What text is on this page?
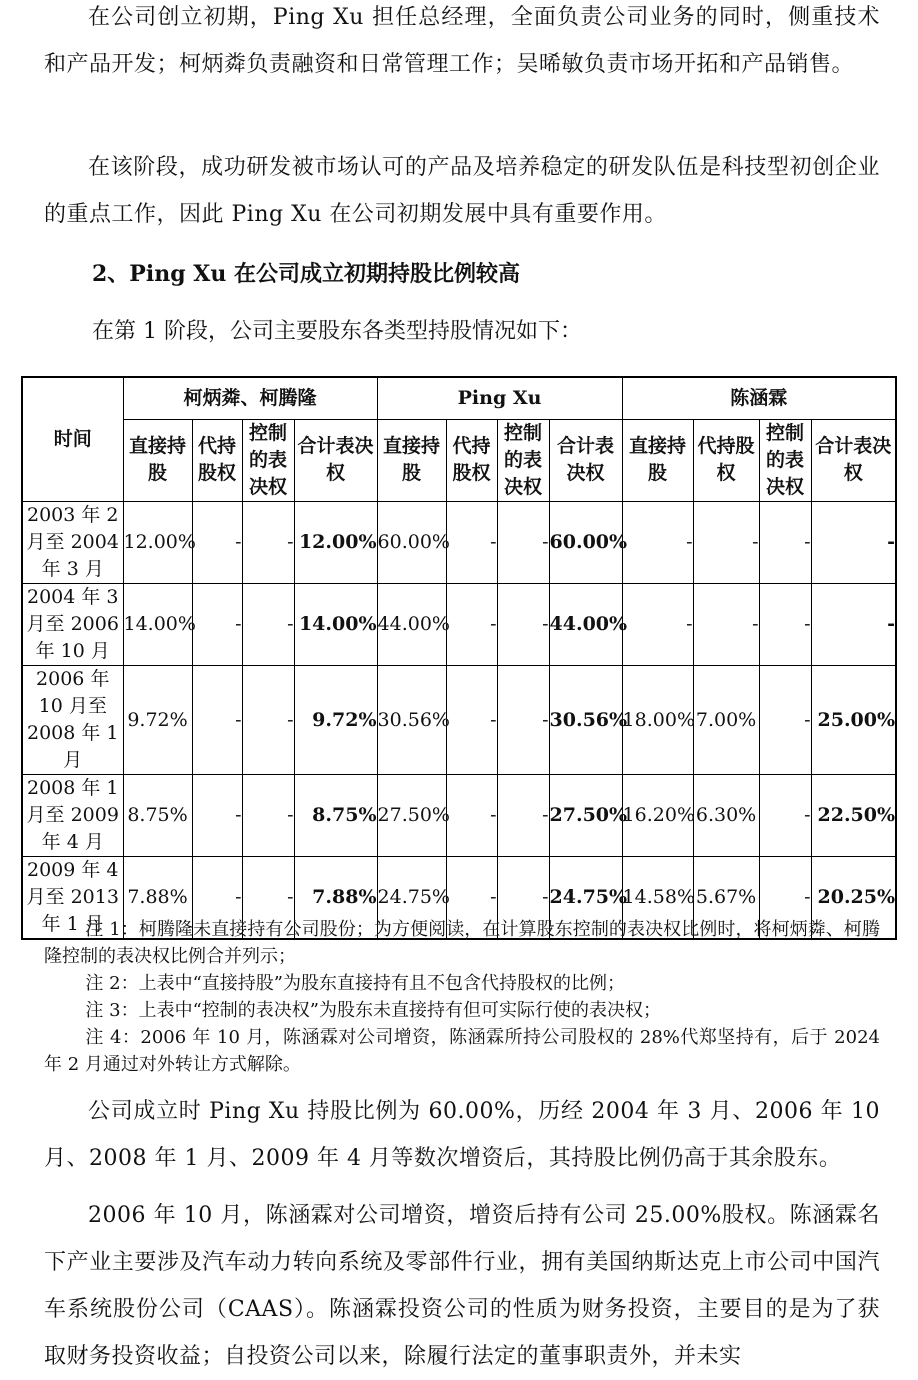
在公司创立初期，Ping Xu 担任总经理，全面负责公司业务的同时，侧重技术和产品开发；柯炳粦负责融资和日常管理工作；吴晞敏负责市场开拓和产品销售。

在该阶段，成功研发被市场认可的产品及培养稳定的研发队伍是科技型初创企业的重点工作，因此 Ping Xu 在公司初期发展中具有重要作用。

2、Ping Xu 在公司成立初期持股比例较高

在第 1 阶段，公司主要股东各类型持股情况如下：

时间	柯炳粦、柯腾隆				Ping Xu				陈涵霖			
	直接持股	代持股权	控制的表决权	合计表决权	直接持股	代持股权	控制的表决权	合计表决权	直接持股	代持股权	控制的表决权	合计表决权
2003 年 2 月至 2004 年 3 月	12.00%	-	-	12.00%	60.00%	-	-	60.00%	-	-	-	-
2004 年 3 月至 2006 年 10 月	14.00%	-	-	14.00%	44.00%	-	-	44.00%	-	-	-	-
2006 年 10 月至 2008 年 1 月	9.72%	-	-	9.72%	30.56%	-	-	30.56%	18.00%	7.00%	-	25.00%
2008 年 1 月至 2009 年 4 月	8.75%	-	-	8.75%	27.50%	-	-	27.50%	16.20%	6.30%	-	22.50%
2009 年 4 月至 2013 年 1 月	7.88%	-	-	7.88%	24.75%	-	-	24.75%	14.58%	5.67%	-	20.25%

注 1：柯腾隆未直接持有公司股份；为方便阅读，在计算股东控制的表决权比例时，将柯炳粦、柯腾隆控制的表决权比例合并列示；

注 2：上表中“直接持股”为股东直接持有且不包含代持股权的比例；

注 3：上表中“控制的表决权”为股东未直接持有但可实际行使的表决权；

注 4：2006 年 10 月，陈涵霖对公司增资，陈涵霖所持公司股权的 28%代郑坚持有，后于 2024 年 2 月通过对外转让方式解除。

公司成立时 Ping Xu 持股比例为 60.00%，历经 2004 年 3 月、2006 年 10 月、2008 年 1 月、2009 年 4 月等数次增资后，其持股比例仍高于其余股东。

2006 年 10 月，陈涵霖对公司增资，增资后持有公司 25.00%股权。陈涵霖名下产业主要涉及汽车动力转向系统及零部件行业，拥有美国纳斯达克上市公司中国汽车系统股份公司（CAAS）。陈涵霖投资公司的性质为财务投资，主要目的是为了获取财务投资收益；自投资公司以来，除履行法定的董事职责外，并未实
